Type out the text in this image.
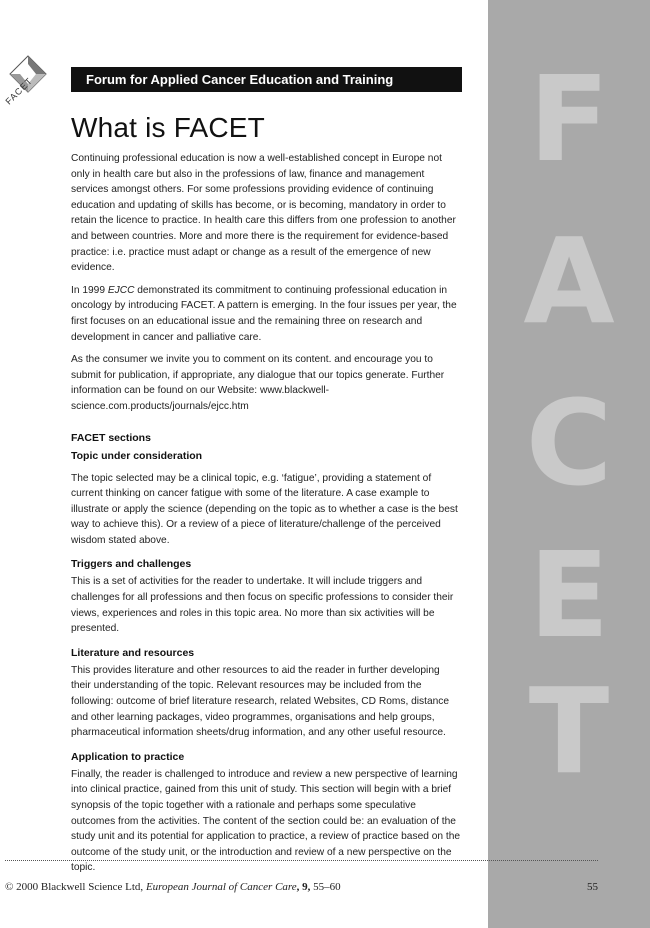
F
A
C
E
T
FACET	Forum for Applied Cancer Education and Training
What is FACET

Continuing professional education is now a well-established concept in Europe not only in health care but also in the professions of law, finance and management services amongst others. For some professions providing evidence of continuing education and updating of skills has become, or is becoming, mandatory in order to retain the licence to practice. In health care this differs from one profession to another and between countries. More and more there is the requirement for evidence-based practice: i.e. practice must adapt or change as a result of the emergence of new evidence.

In 1999 EJCC demonstrated its commitment to continuing professional education in oncology by introducing FACET. A pattern is emerging. In the four issues per year, the first focuses on an educational issue and the remaining three on research and development in cancer and palliative care.

As the consumer we invite you to comment on its content. and encourage you to submit for publication, if appropriate, any dialogue that our topics generate. Further information can be found on our Website: www.blackwell-science.com.products/journals/ejcc.htm

FACET sections
Topic under consideration

The topic selected may be a clinical topic, e.g. ‘fatigue’, providing a statement of current thinking on cancer fatigue with some of the literature. A case example to illustrate or apply the science (depending on the topic as to whether a case is the best way to achieve this). Or a review of a piece of literature/challenge of the perceived wisdom stated above.

Triggers and challenges

This is a set of activities for the reader to undertake. It will include triggers and challenges for all professions and then focus on specific professions to consider their views, experiences and roles in this topic area. No more than six activities will be presented.

Literature and resources

This provides literature and other resources to aid the reader in further developing their understanding of the topic. Relevant resources may be included from the following: outcome of brief literature research, related Websites, CD Roms, distance and other learning packages, video programmes, organisations and help groups, pharmaceutical information sheets/drug information, and any other useful resource.

Application to practice

Finally, the reader is challenged to introduce and review a new perspective of learning into clinical practice, gained from this unit of study. This section will begin with a brief synopsis of the topic together with a rationale and perhaps some speculative outcomes from the activities. The content of the section could be: an evaluation of the study unit and its potential for application to practice, a review of practice based on the outcome of the study unit, or the introduction and review of a new perspective on the topic.

© 2000 Blackwell Science Ltd, European Journal of Cancer Care, 9, 55–60	55
